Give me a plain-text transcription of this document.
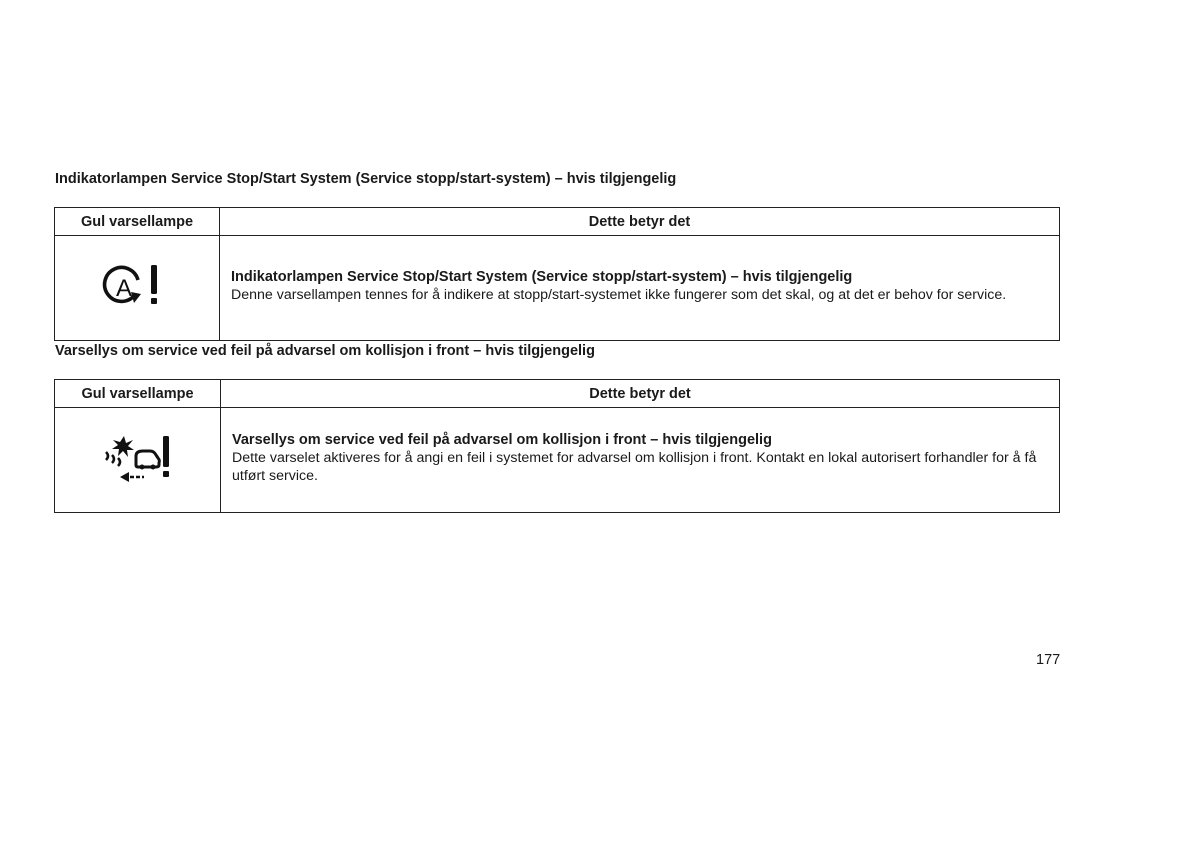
Indikatorlampen Service Stop/Start System (Service stopp/start-system) – hvis tilgjengelig
Gul varsellampe	Dette betyr det

A	Indikatorlampen Service Stop/Start System (Service stopp/start-system) – hvis tilgjengelig
Denne varsellampen tennes for å indikere at stopp/start-systemet ikke fungerer som det skal, og at det er behov for service.
Varsellys om service ved feil på advarsel om kollisjon i front – hvis tilgjengelig
Gul varsellampe	Dette betyr det

Varsellys om service ved feil på advarsel om kollisjon i front – hvis tilgjengelig
Dette varselet aktiveres for å angi en feil i systemet for advarsel om kollisjon i front. Kontakt en lokal autorisert forhandler for å få utført service.
177
